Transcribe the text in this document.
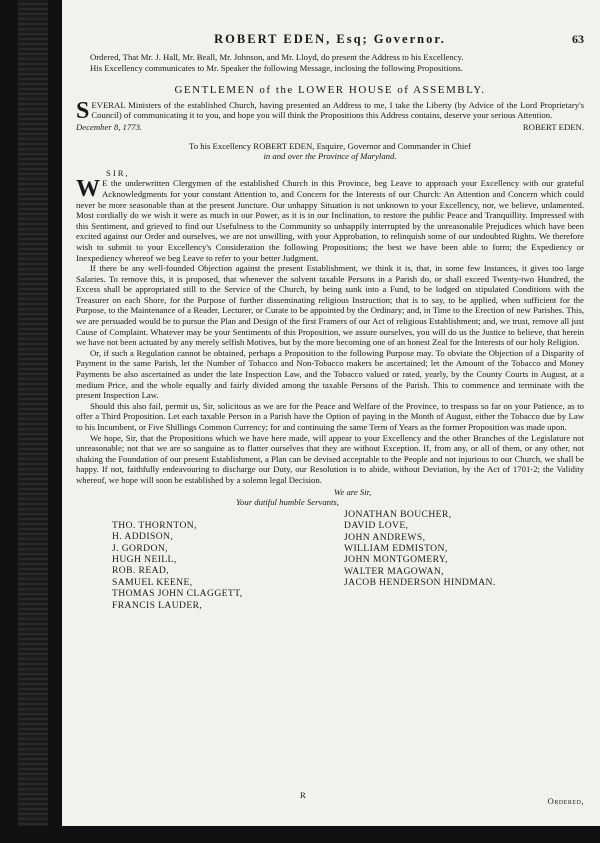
ROBERT EDEN, Esq; Governor.	63

Ordered, That Mr. J. Hall, Mr. Beall, Mr. Johnson, and Mr. Lloyd, do present the Address to his Excellency.

His Excellency communicates to Mr. Speaker the following Message, inclosing the following Propositions.

GENTLEMEN of the LOWER HOUSE of ASSEMBLY.

SEVERAL Ministers of the established Church, having presented an Address to me, I take the Liberty (by Advice of the Lord Proprietary's Council) of communicating it to you, and hope you will think the Propositions this Address contains, deserve your serious Attention.

December 8, 1773.	ROBERT EDEN.
To his Excellency ROBERT EDEN, Esquire, Governor and Commander in Chief
in and over the Province of Maryland.
SIR,

W E the underwritten Clergymen of the established Church in this Province, beg Leave to approach your Excellency with our grateful Acknowledgments for your constant Attention to, and Concern for the Interests of our Church: An Attention and Concern which could never be more seasonable than at the present Juncture. Our unhappy Situation is not unknown to your Excellency, nor, we believe, unlamented. Most cordially do we wish it were as much in our Power, as it is in our Inclination, to restore the public Peace and Tranquillity. Impressed with this Sentiment, and grieved to find our Usefulness to the Community so unhappily interrupted by the unreasonable Prejudices which have been excited against our Order and ourselves, we are not unwilling, with your Approbation, to relinquish some of our undoubted Rights. We therefore wish to submit to your Excellency's Consideration the following Propositions; the best we have been able to form; the Expediency or Inexpediency whereof we beg Leave to refer to your better Judgment.

If there be any well-founded Objection against the present Establishment, we think it is, that, in some few Instances, it gives too large Salaries. To remove this, it is proposed, that whenever the solvent taxable Persons in a Parish do, or shall exceed Twenty-two Hundred, the Excess shall be appropriated still to the Service of the Church, by being sunk into a Fund, to be lodged on stipulated Conditions with the Treasurer on each Shore, for the Purpose of further disseminating religious Instruction; that is to say, to be applied, when sufficient for the Purpose, to the Maintenance of a Reader, Lecturer, or Curate to be appointed by the Ordinary; and, in Time to the Erection of new Parishes. This, we are persuaded would be to pursue the Plan and Design of the first Framers of our Act of religious Establishment; and, we trust, remove all just Cause of Complaint. Whatever may be your Sentiments of this Proposition, we assure ourselves, you will do us the Justice to believe, that herein we have not been actuated by any merely selfish Motives, but by the more becoming one of an honest Zeal for the Interests of our holy Religion.

Or, if such a Regulation cannot be obtained, perhaps a Proposition to the following Purpose may. To obviate the Objection of a Disparity of Payment in the same Parish, let the Number of Tobacco and Non-Tobacco makers be ascertained; let the Amount of the Tobacco and Money Payments be also ascertained as under the late Inspection Law, and the Tobacco valued or rated, yearly, by the County Courts in August, at a medium Price, and the whole equally and fairly divided among the taxable Persons of the Parish. This to commence and terminate with the present Inspection Law.

Should this also fail, permit us, Sir, solicitous as we are for the Peace and Welfare of the Province, to trespass so far on your Patience, as to offer a Third Proposition. Let each taxable Person in a Parish have the Option of paying in the Month of August, either the Tobacco due by Law to his Incumbent, or Five Shillings Common Currency; for and continuing the same Term of Years as the former Proposition was made upon.

We hope, Sir, that the Propositions which we have here made, will appear to your Excellency and the other Branches of the Legislature not unreasonable; not that we are so sanguine as to flatter ourselves that they are without Exception. If, from any, or all of them, or any other, not shaking the Foundation of our present Establishment, a Plan can be devised acceptable to the People and not injurious to our Church, we shall be happy. If not, faithfully endeavouring to discharge our Duty, our Resolution is to abide, without Deviation, by the Act of 1701-2; the Validity whereof, we hope will soon be established by a solemn legal Decision.

We are Sir,
Your dutiful humble Servants,
THO. THORNTON,
H. ADDISON,
J. GORDON,
HUGH NEILL,
ROB. READ,
SAMUEL KEENE,
THOMAS JOHN CLAGGETT,
FRANCIS LAUDER,
JONATHAN BOUCHER,
DAVID LOVE,
JOHN ANDREWS,
WILLIAM EDMISTON,
JOHN MONTGOMERY,
WALTER MAGOWAN,
JACOB HENDERSON HINDMAN.
R
Ordered,
